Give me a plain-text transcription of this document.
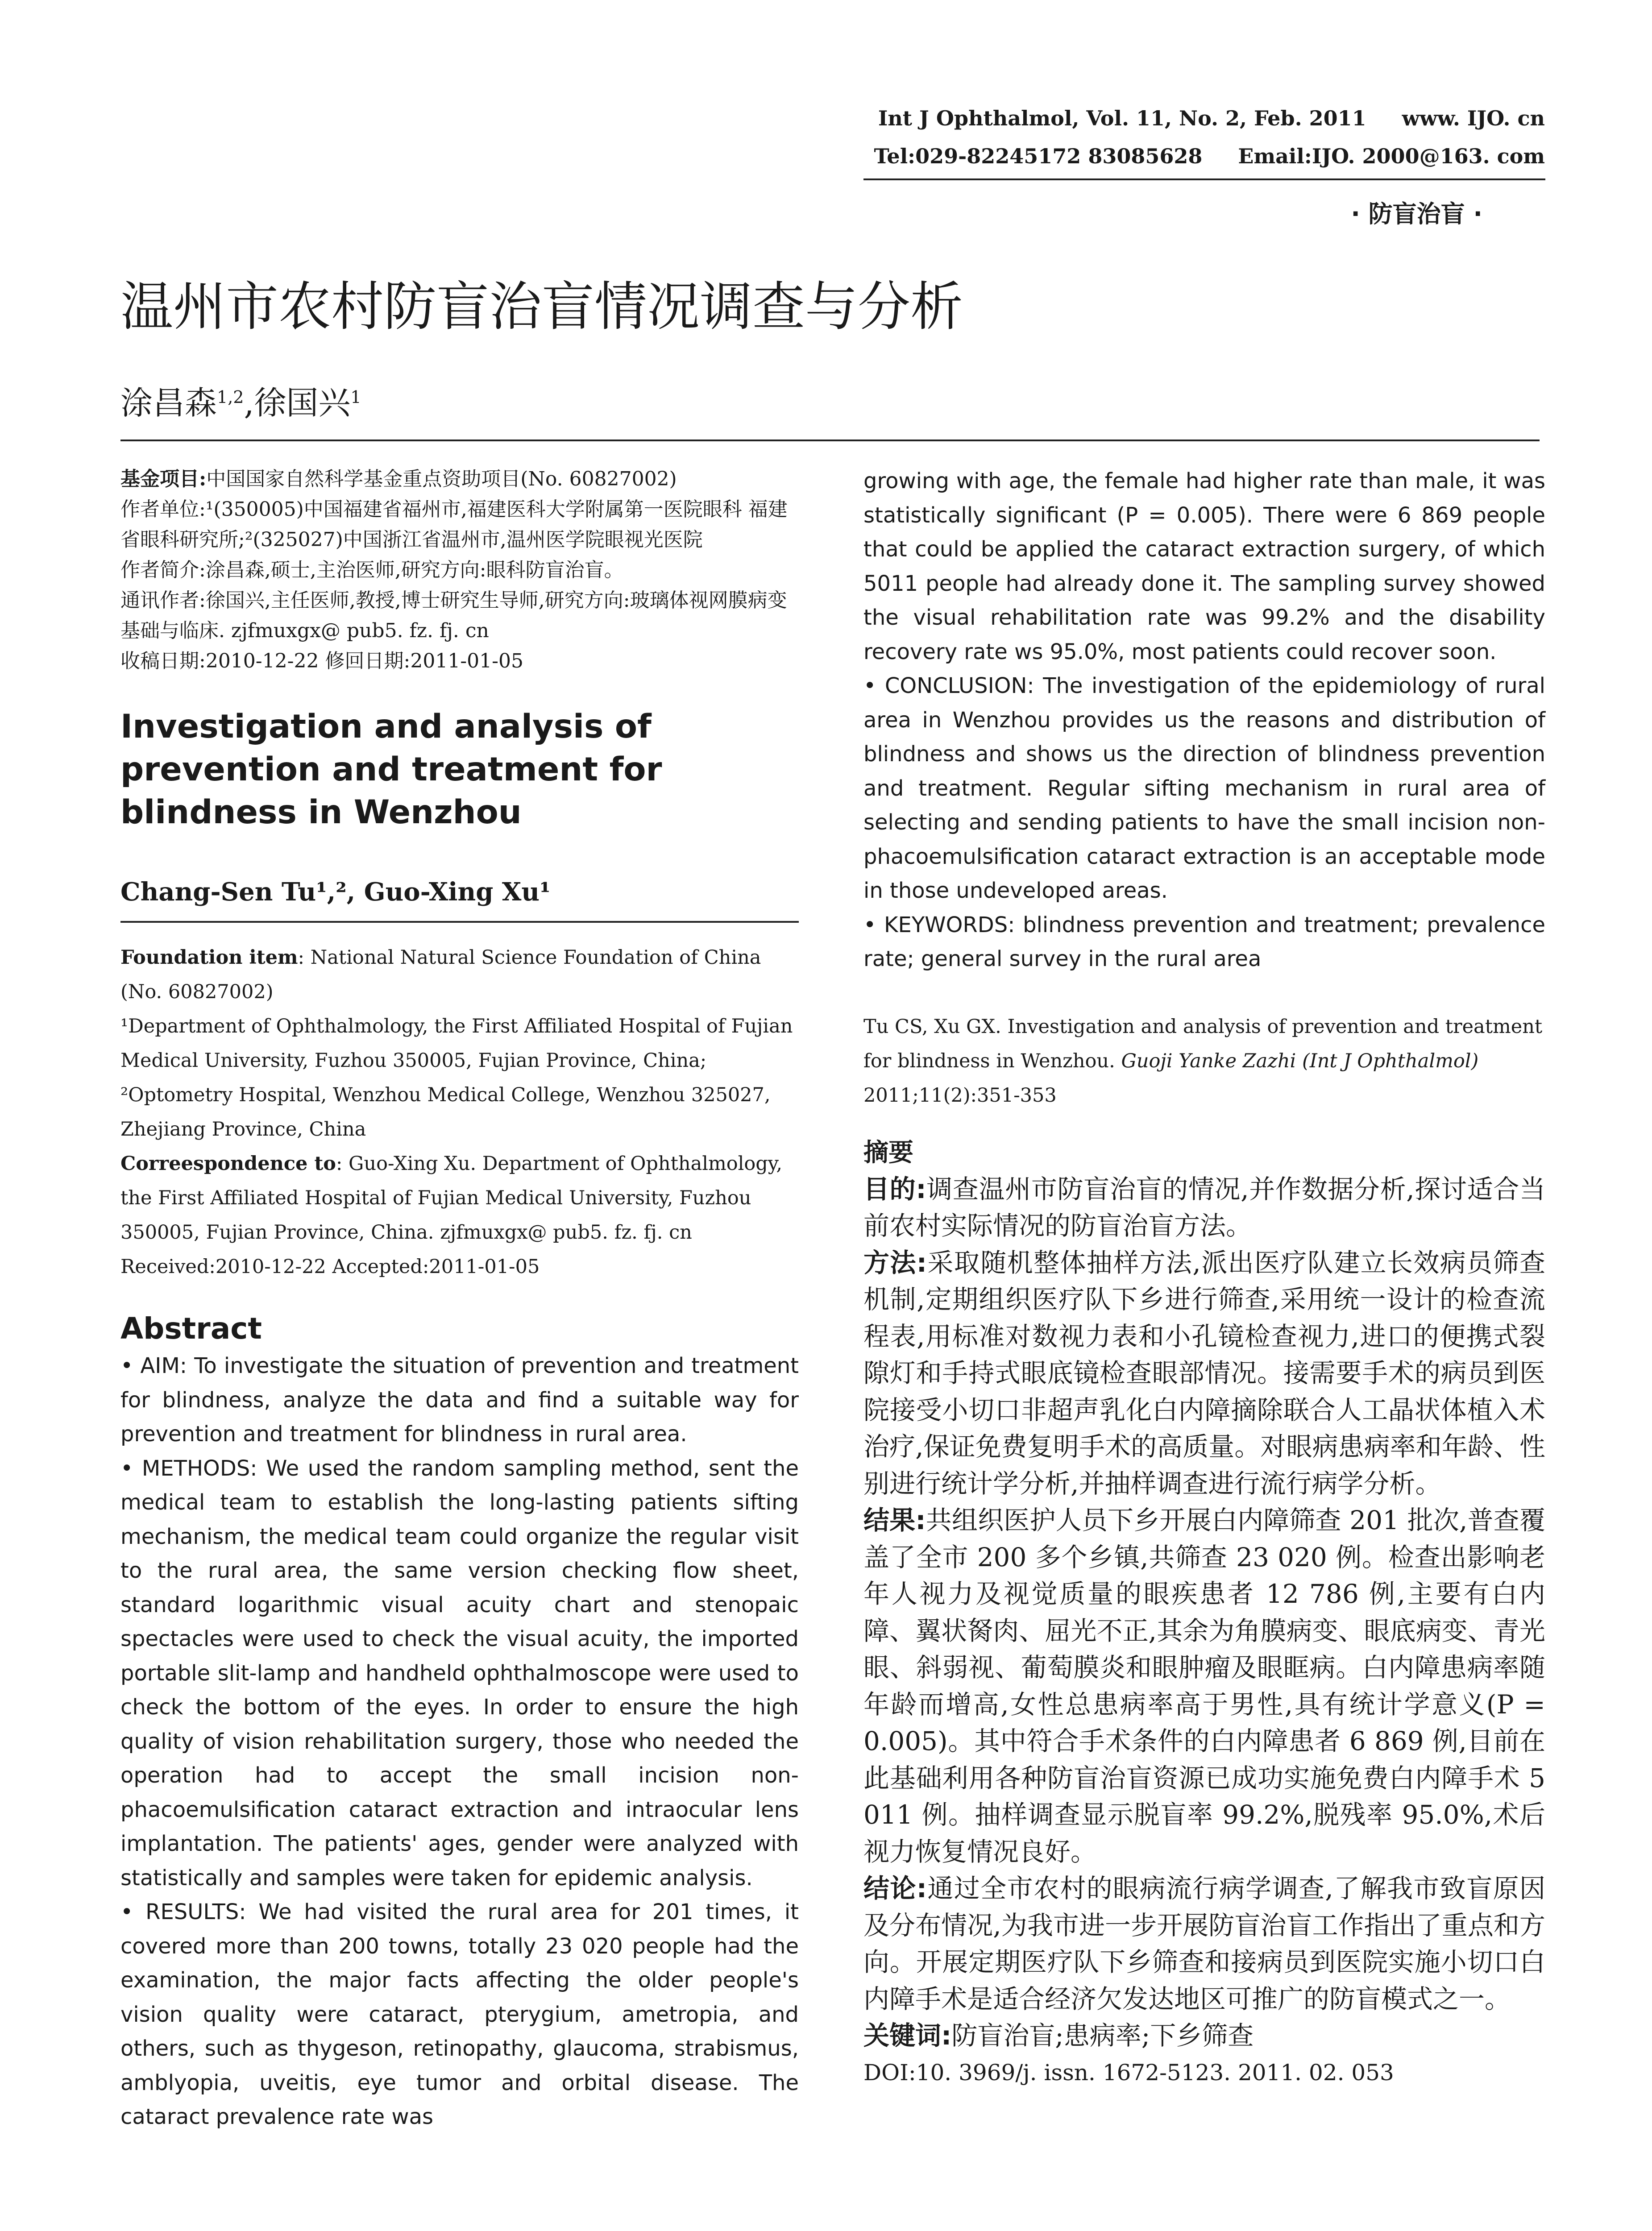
Int J Ophthalmol, Vol. 11, No. 2, Feb. 2011 www. IJO. cn
Tel:029-82245172 83085628 Email:IJO. 2000@163. com
· 防盲治盲 ·
温州市农村防盲治盲情况调查与分析
涂昌森$^{1,2}$,徐国兴$^1$

基金项目:中国国家自然科学基金重点资助项目(No. 60827002)

作者单位:¹(350005)中国福建省福州市,福建医科大学附属第一医院眼科 福建省眼科研究所;²(325027)中国浙江省温州市,温州医学院眼视光医院

作者简介:涂昌森,硕士,主治医师,研究方向:眼科防盲治盲。

通讯作者:徐国兴,主任医师,教授,博士研究生导师,研究方向:玻璃体视网膜病变基础与临床. zjfmuxgx@ pub5. fz. fj. cn

收稿日期:2010-12-22 修回日期:2011-01-05

Investigation and analysis of prevention and treatment for blindness in Wenzhou
Chang-Sen Tu¹,², Guo-Xing Xu¹

Foundation item: National Natural Science Foundation of China (No. 60827002)

¹Department of Ophthalmology, the First Affiliated Hospital of Fujian Medical University, Fuzhou 350005, Fujian Province, China; ²Optometry Hospital, Wenzhou Medical College, Wenzhou 325027, Zhejiang Province, China

Correespondence to: Guo-Xing Xu. Department of Ophthalmology, the First Affiliated Hospital of Fujian Medical University, Fuzhou 350005, Fujian Province, China. zjfmuxgx@ pub5. fz. fj. cn

Received:2010-12-22 Accepted:2011-01-05

Abstract

• AIM: To investigate the situation of prevention and treatment for blindness, analyze the data and find a suitable way for prevention and treatment for blindness in rural area.

• METHODS: We used the random sampling method, sent the medical team to establish the long-lasting patients sifting mechanism, the medical team could organize the regular visit to the rural area, the same version checking flow sheet, standard logarithmic visual acuity chart and stenopaic spectacles were used to check the visual acuity, the imported portable slit-lamp and handheld ophthalmoscope were used to check the bottom of the eyes. In order to ensure the high quality of vision rehabilitation surgery, those who needed the operation had to accept the small incision non-phacoemulsification cataract extraction and intraocular lens implantation. The patients' ages, gender were analyzed with statistically and samples were taken for epidemic analysis.

• RESULTS: We had visited the rural area for 201 times, it covered more than 200 towns, totally 23 020 people had the examination, the major facts affecting the older people's vision quality were cataract, pterygium, ametropia, and others, such as thygeson, retinopathy, glaucoma, strabismus, amblyopia, uveitis, eye tumor and orbital disease. The cataract prevalence rate was

growing with age, the female had higher rate than male, it was statistically significant (P = 0.005). There were 6 869 people that could be applied the cataract extraction surgery, of which 5011 people had already done it. The sampling survey showed the visual rehabilitation rate was 99.2% and the disability recovery rate ws 95.0%, most patients could recover soon.

• CONCLUSION: The investigation of the epidemiology of rural area in Wenzhou provides us the reasons and distribution of blindness and shows us the direction of blindness prevention and treatment. Regular sifting mechanism in rural area of selecting and sending patients to have the small incision non-phacoemulsification cataract extraction is an acceptable mode in those undeveloped areas.

• KEYWORDS: blindness prevention and treatment; prevalence rate; general survey in the rural area

Tu CS, Xu GX. Investigation and analysis of prevention and treatment for blindness in Wenzhou. Guoji Yanke Zazhi (Int J Ophthalmol) 2011;11(2):351-353
摘要

目的:调查温州市防盲治盲的情况,并作数据分析,探讨适合当前农村实际情况的防盲治盲方法。

方法:采取随机整体抽样方法,派出医疗队建立长效病员筛查机制,定期组织医疗队下乡进行筛查,采用统一设计的检查流程表,用标准对数视力表和小孔镜检查视力,进口的便携式裂隙灯和手持式眼底镜检查眼部情况。接需要手术的病员到医院接受小切口非超声乳化白内障摘除联合人工晶状体植入术治疗,保证免费复明手术的高质量。对眼病患病率和年龄、性别进行统计学分析,并抽样调查进行流行病学分析。

结果:共组织医护人员下乡开展白内障筛查 201 批次,普查覆盖了全市 200 多个乡镇,共筛查 23 020 例。检查出影响老年人视力及视觉质量的眼疾患者 12 786 例,主要有白内障、翼状胬肉、屈光不正,其余为角膜病变、眼底病变、青光眼、斜弱视、葡萄膜炎和眼肿瘤及眼眶病。白内障患病率随年龄而增高,女性总患病率高于男性,具有统计学意义(P = 0.005)。其中符合手术条件的白内障患者 6 869 例,目前在此基础利用各种防盲治盲资源已成功实施免费白内障手术 5 011 例。抽样调查显示脱盲率 99.2%,脱残率 95.0%,术后视力恢复情况良好。

结论:通过全市农村的眼病流行病学调查,了解我市致盲原因及分布情况,为我市进一步开展防盲治盲工作指出了重点和方向。开展定期医疗队下乡筛查和接病员到医院实施小切口白内障手术是适合经济欠发达地区可推广的防盲模式之一。

关键词:防盲治盲;患病率;下乡筛查

DOI:10. 3969/j. issn. 1672-5123. 2011. 02. 053
